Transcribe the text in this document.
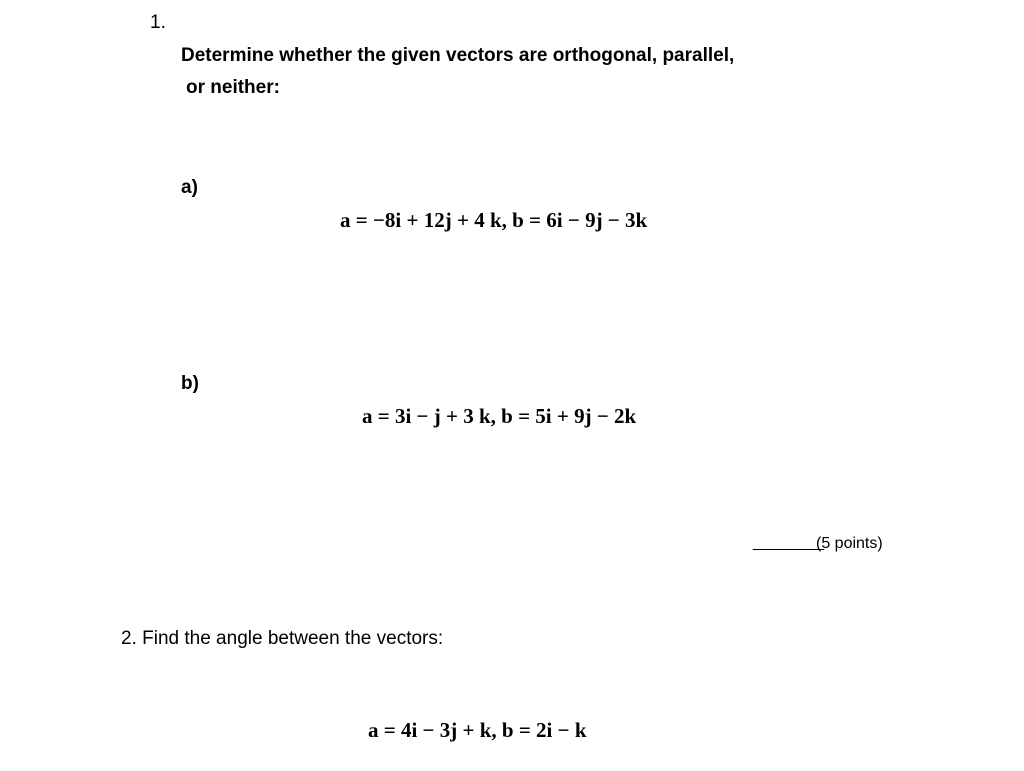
1.
Determine whether the given vectors are orthogonal, parallel,
or neither:
a)
a = −8i + 12j + 4 k, b = 6i − 9j − 3k
b)
a = 3i − j + 3 k, b = 5i + 9j − 2k
________
(5 points)
2. Find the angle between the vectors:
a = 4i − 3j + k, b = 2i − k
